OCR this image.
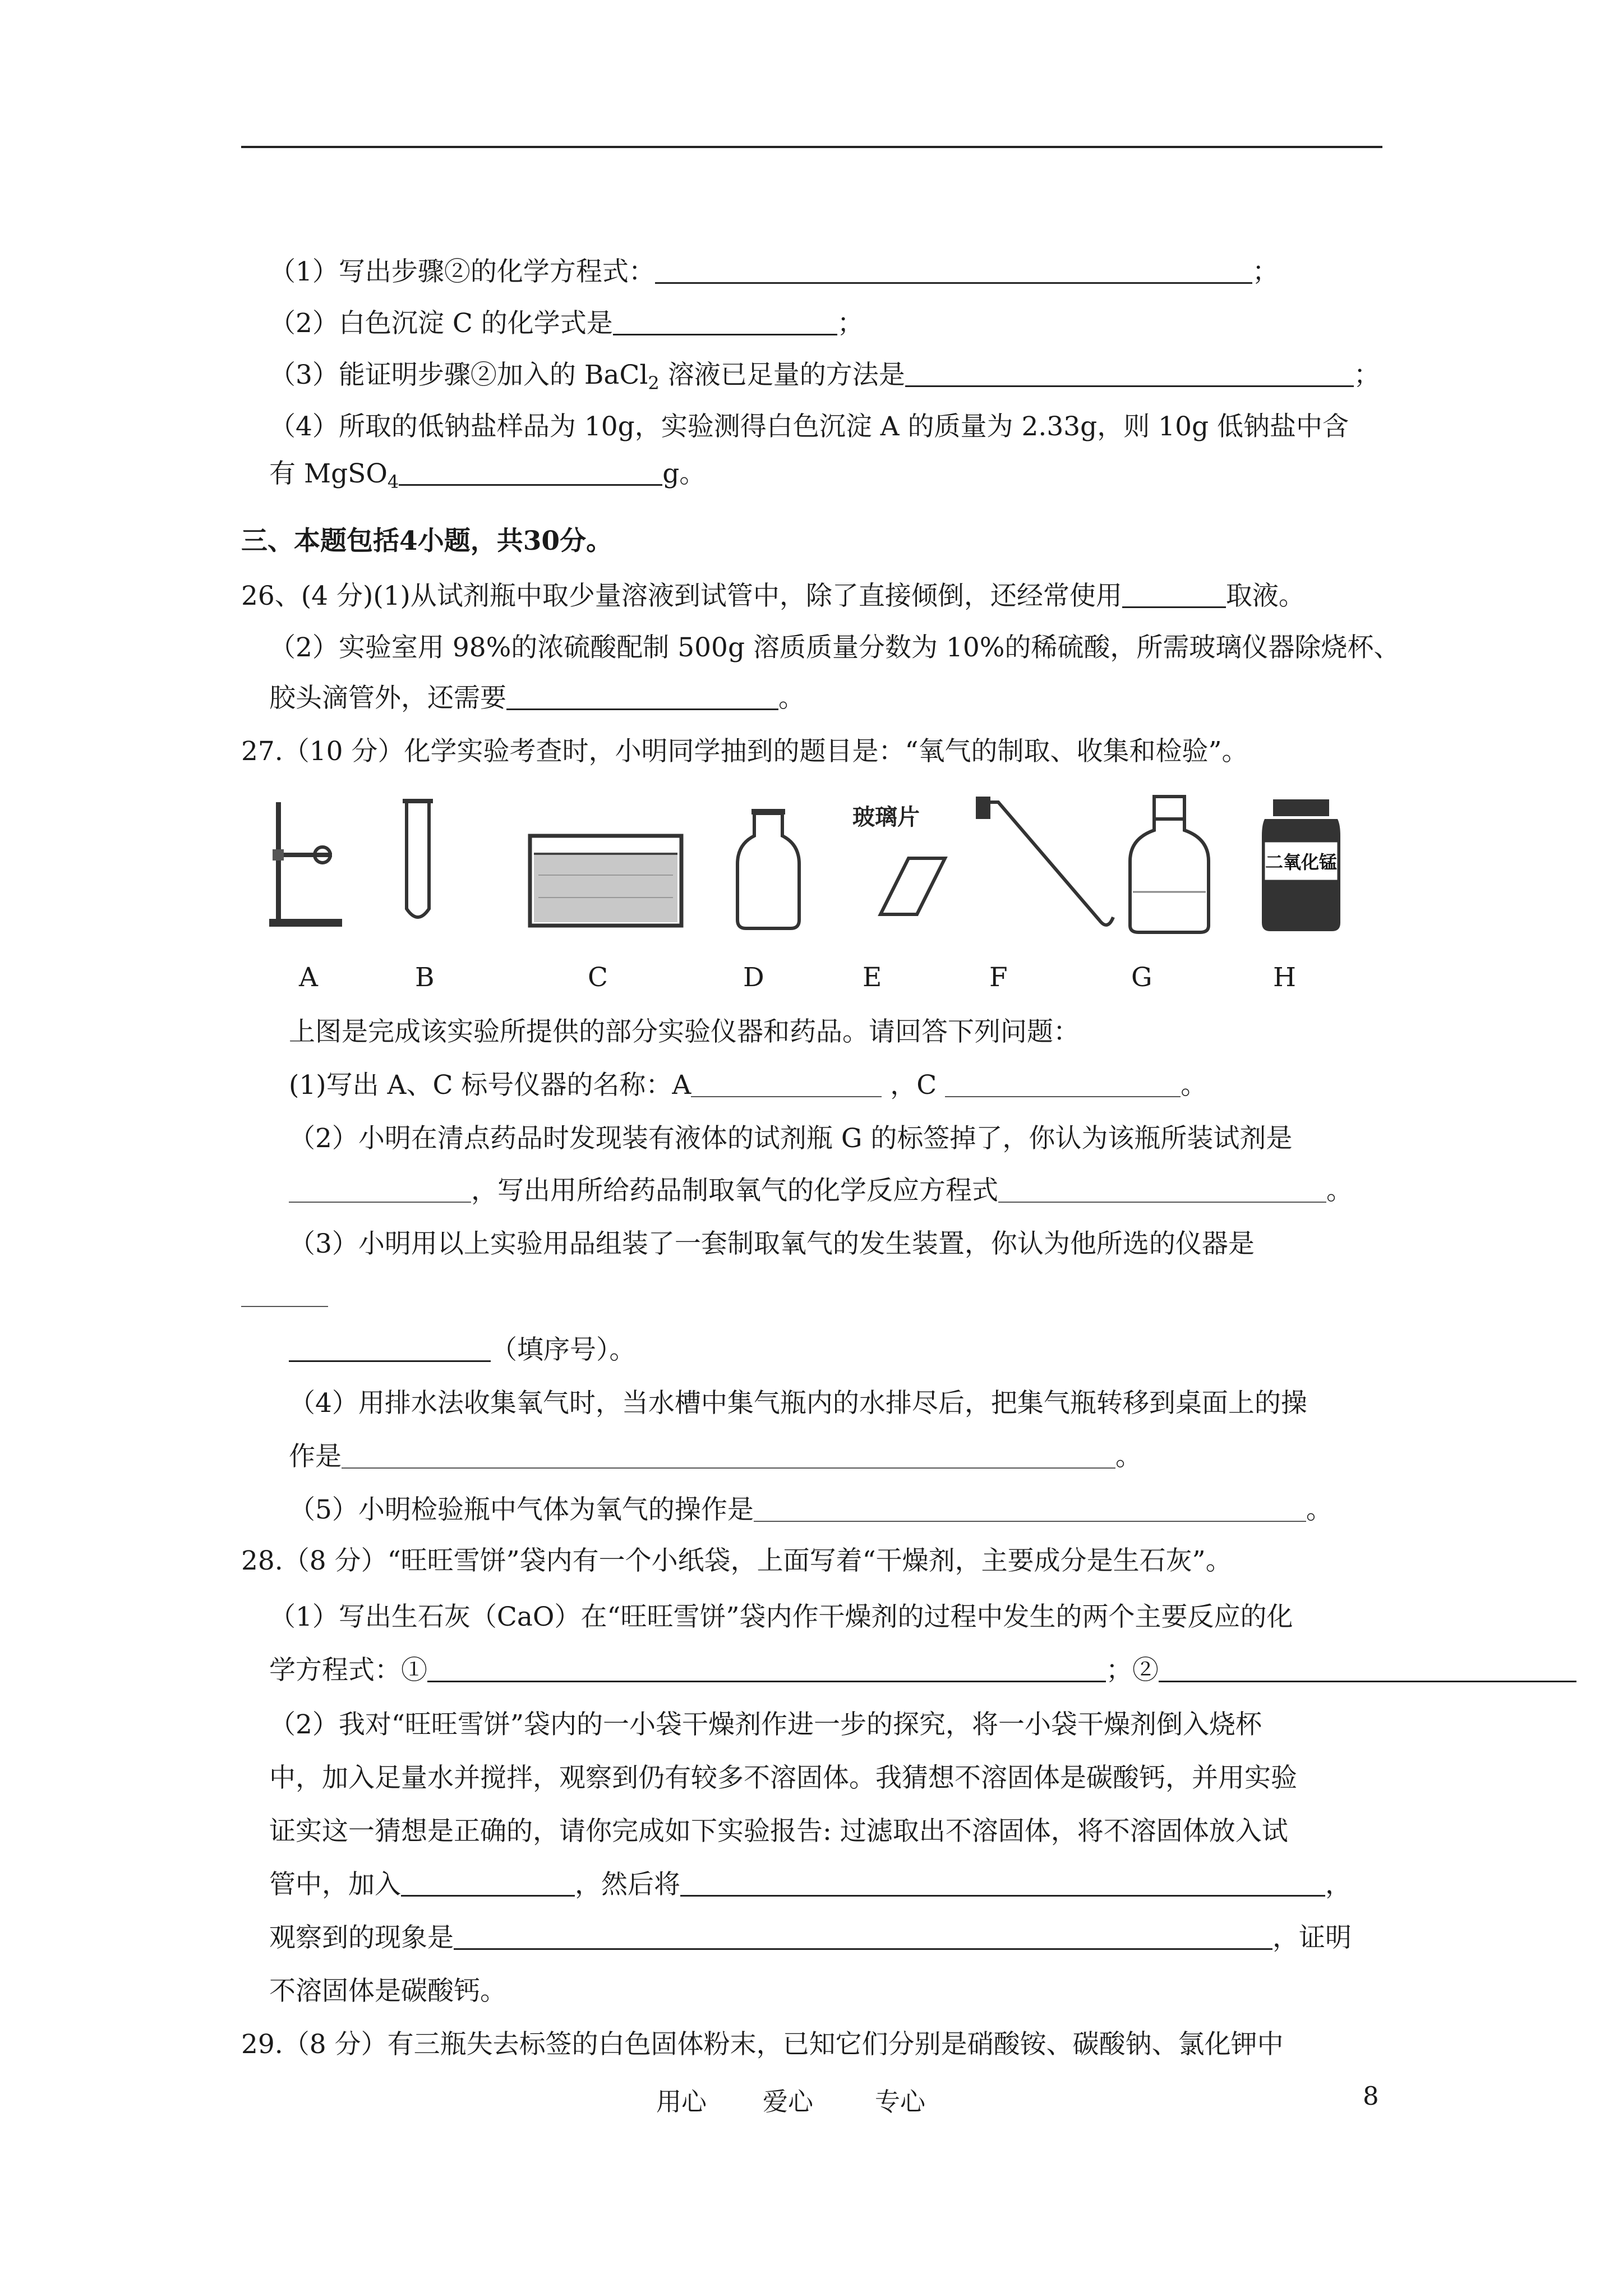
（1）写出步骤②的化学方程式：	；
（2）白色沉淀 C 的化学式是	；
（3）能证明步骤②加入的 BaCl$_2$ 溶液已足量的方法是	；
（4）所取的低钠盐样品为 10g，实验测得白色沉淀 A 的质量为 2.33g，则 10g 低钠盐中含
有 MgSO$_4$	g。
三、本题包括4小题，共30分。
26、(4 分)(1)从试剂瓶中取少量溶液到试管中，除了直接倾倒，还经常使用	取液。
（2）实验室用 98%的浓硫酸配制 500g 溶质质量分数为 10%的稀硫酸，所需玻璃仪器除烧杯、
胶头滴管外，还需要	。
27.（10 分）化学实验考查时，小明同学抽到的题目是：“氧气的制取、收集和检验”。
玻璃片
二氧化锰
A	B	C	D	E	F	G	H
上图是完成该实验所提供的部分实验仪器和药品。请回答下列问题：
(1)写出 A、C 标号仪器的名称：A	，C	。
（2）小明在清点药品时发现装有液体的试剂瓶 G 的标签掉了，你认为该瓶所装试剂是
，写出用所给药品制取氧气的化学反应方程式	。
（3）小明用以上实验用品组装了一套制取氧气的发生装置，你认为他所选的仪器是
（填序号）。
（4）用排水法收集氧气时，当水槽中集气瓶内的水排尽后，把集气瓶转移到桌面上的操
作是	。
（5）小明检验瓶中气体为氧气的操作是	。
28.（8 分）“旺旺雪饼”袋内有一个小纸袋，上面写着“干燥剂，主要成分是生石灰”。
（1）写出生石灰（CaO）在“旺旺雪饼”袋内作干燥剂的过程中发生的两个主要反应的化
学方程式：①	；②
（2）我对“旺旺雪饼”袋内的一小袋干燥剂作进一步的探究，将一小袋干燥剂倒入烧杯
中，加入足量水并搅拌，观察到仍有较多不溶固体。我猜想不溶固体是碳酸钙，并用实验
证实这一猜想是正确的，请你完成如下实验报告: 过滤取出不溶固体，将不溶固体放入试
管中，加入	，然后将	，
观察到的现象是	，证明
不溶固体是碳酸钙。
29.（8 分）有三瓶失去标签的白色固体粉末，已知它们分别是硝酸铵、碳酸钠、氯化钾中
用心 爱心 专心	8
